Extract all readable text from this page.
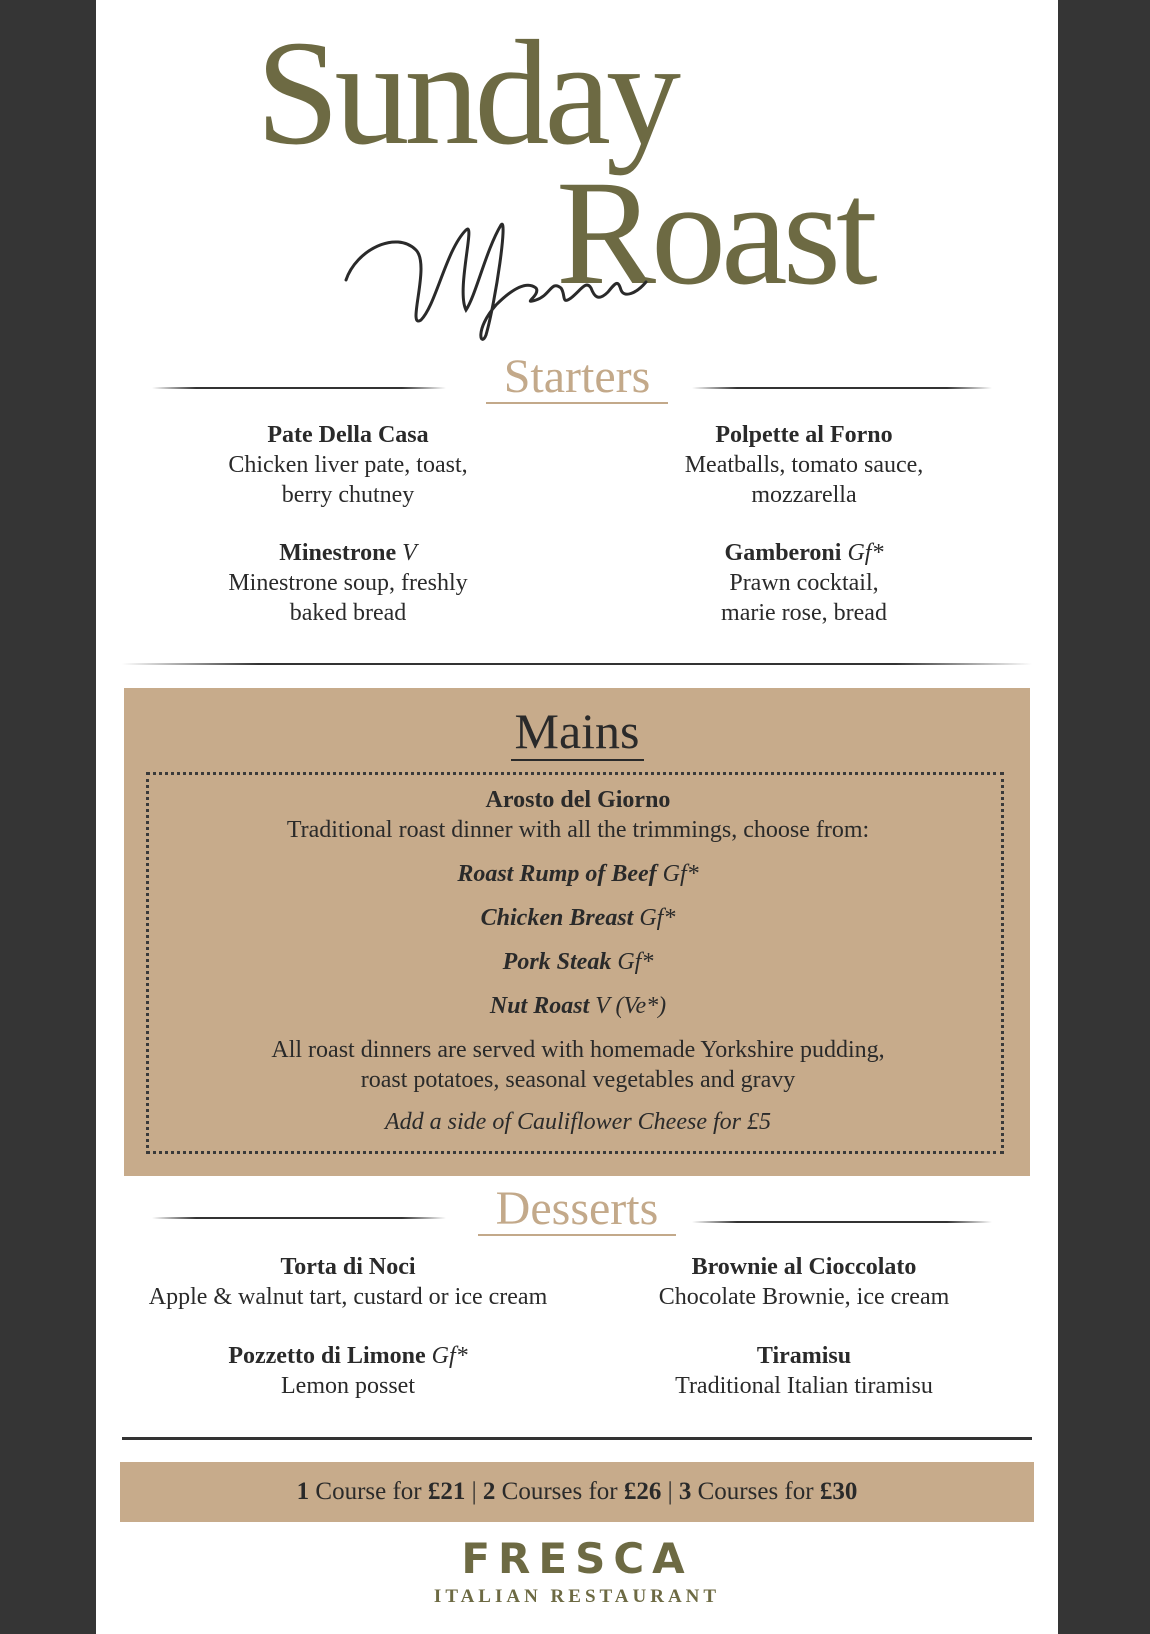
Sunday
Roast
Starters
Pate Della Casa
Chicken liver pate, toast,
berry chutney
Polpette al Forno
Meatballs, tomato sauce,
mozzarella
Minestrone V
Minestrone soup, freshly
baked bread
Gamberoni Gf*
Prawn cocktail,
marie rose, bread
Mains
Arosto del Giorno
Traditional roast dinner with all the trimmings, choose from:
Roast Rump of Beef Gf*
Chicken Breast Gf*
Pork Steak Gf*
Nut Roast V (Ve*)
All roast dinners are served with homemade Yorkshire pudding,
roast potatoes, seasonal vegetables and gravy
Add a side of Cauliflower Cheese for £5
Desserts
Torta di Noci
Apple & walnut tart, custard or ice cream
Brownie al Cioccolato
Chocolate Brownie, ice cream
Pozzetto di Limone Gf*
Lemon posset
Tiramisu
Traditional Italian tiramisu
1 Course for £21 | 2 Courses for £26 | 3 Courses for £30
FRESCA
ITALIAN RESTAURANT
